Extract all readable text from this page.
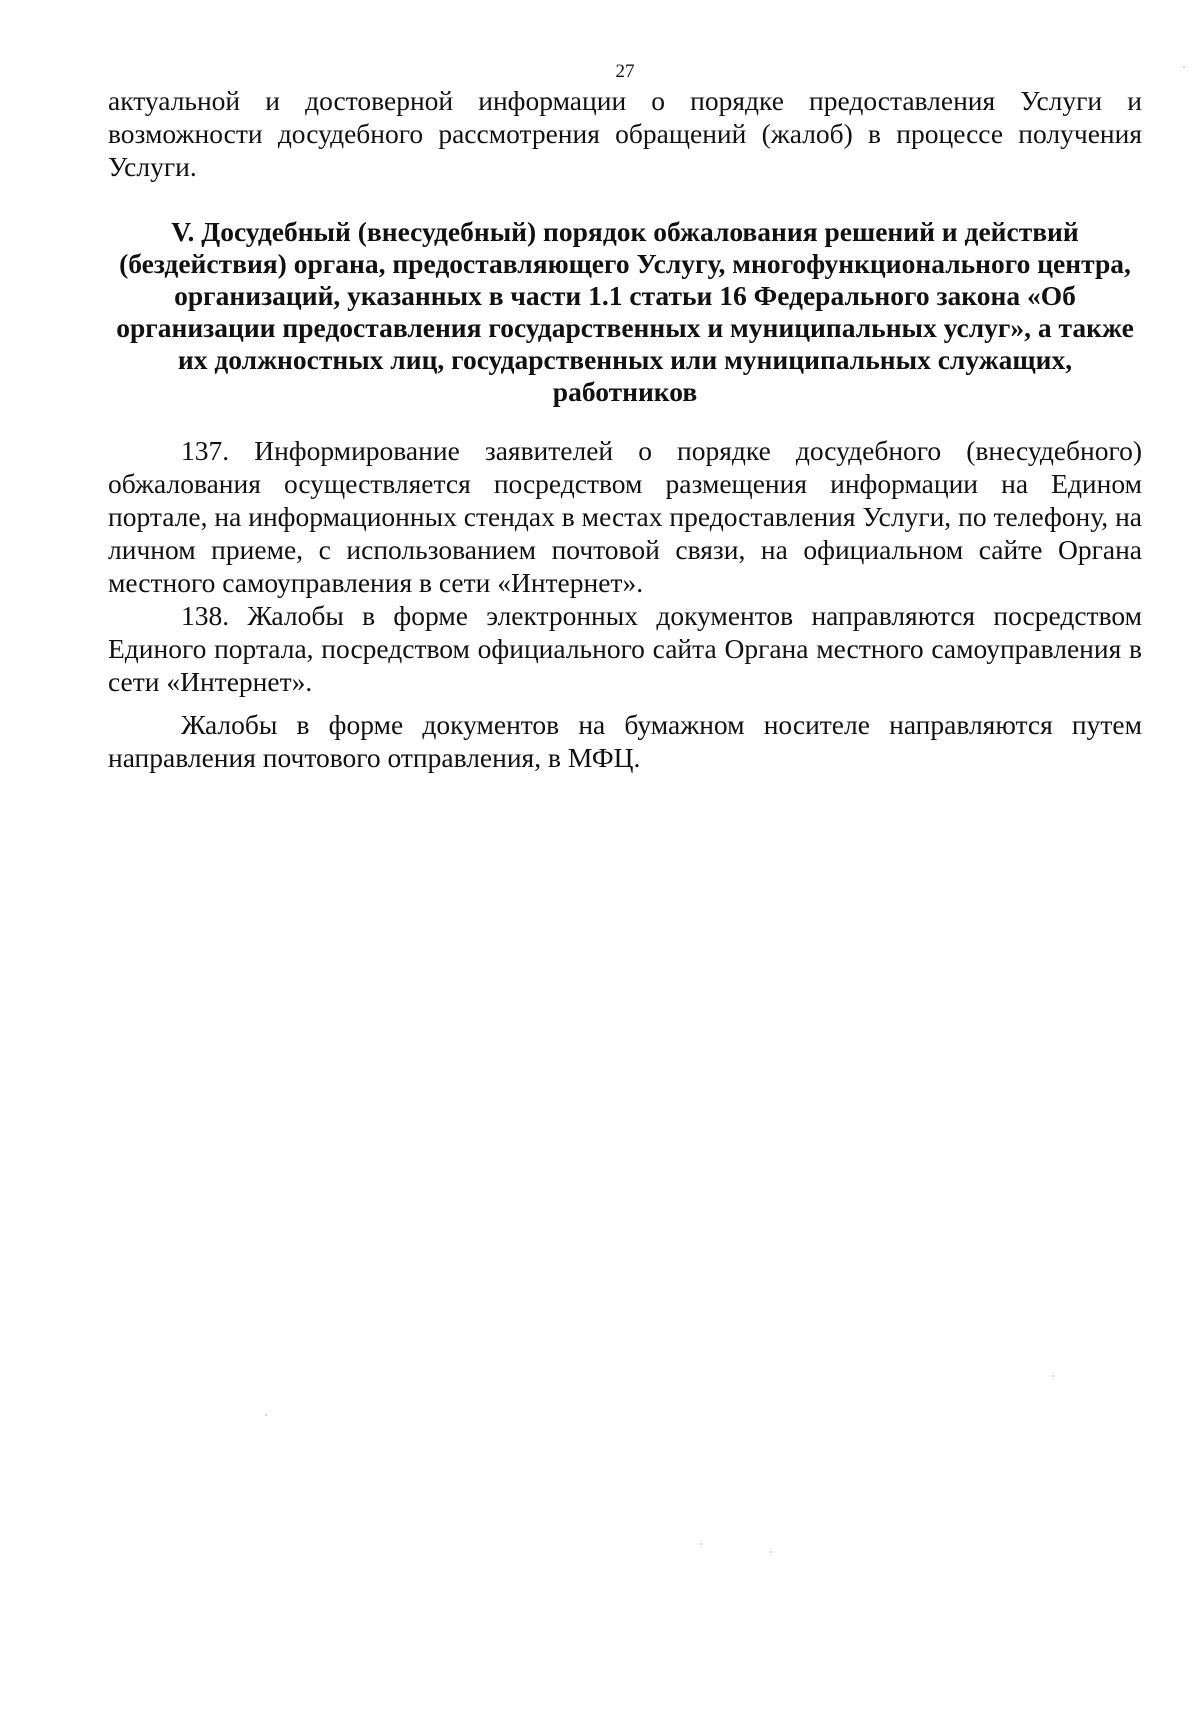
27

актуальной и достоверной информации о порядке предоставления Услуги и возможности досудебного рассмотрения обращений (жалоб) в процессе получения Услуги.

V. Досудебный (внесудебный) порядок обжалования решений и действий (бездействия) органа, предоставляющего Услугу, многофункционального центра, организаций, указанных в части 1.1 статьи 16 Федерального закона «Об организации предоставления государственных и муниципальных услуг», а также их должностных лиц, государственных или муниципальных служащих, работников

137. Информирование заявителей о порядке досудебного (внесудебного) обжалования осуществляется посредством размещения информации на Едином портале, на информационных стендах в местах предоставления Услуги, по телефону, на личном приеме, с использованием почтовой связи, на официальном сайте Органа местного самоуправления в сети «Интернет».

138. Жалобы в форме электронных документов направляются посредством Единого портала, посредством официального сайта Органа местного самоуправления в сети «Интернет».

Жалобы в форме документов на бумажном носителе направляются путем направления почтового отправления, в МФЦ.
